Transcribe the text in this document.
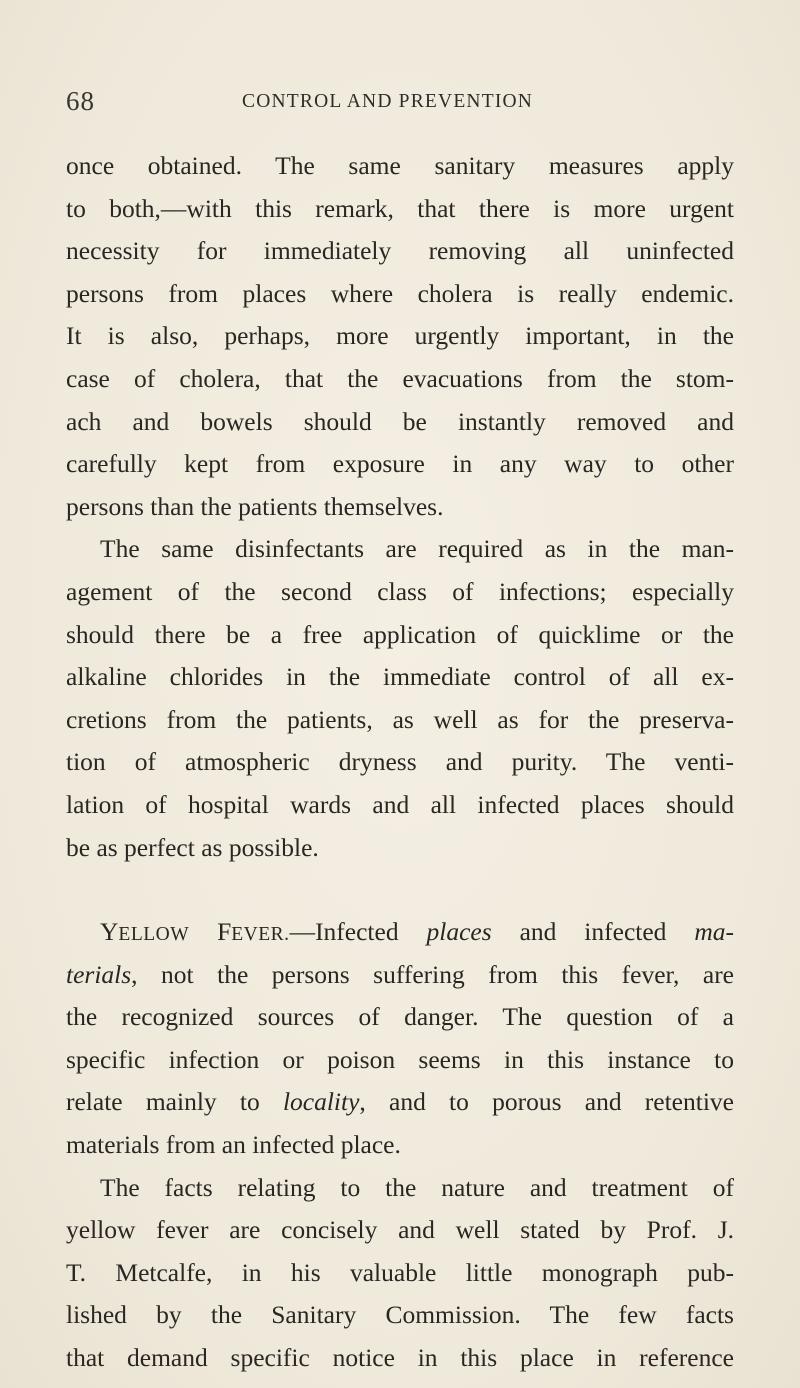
68	CONTROL AND PREVENTION
once obtained. The same sanitary measures apply
to both,—with this remark, that there is more urgent
necessity for immediately removing all uninfected
persons from places where cholera is really endemic.
It is also, perhaps, more urgently important, in the
case of cholera, that the evacuations from the stom-
ach and bowels should be instantly removed and
carefully kept from exposure in any way to other
persons than the patients themselves.
The same disinfectants are required as in the man-
agement of the second class of infections; especially
should there be a free application of quicklime or the
alkaline chlorides in the immediate control of all ex-
cretions from the patients, as well as for the preserva-
tion of atmospheric dryness and purity. The venti-
lation of hospital wards and all infected places should
be as perfect as possible.
YELLOW FEVER.—Infected places and infected ma-
terials, not the persons suffering from this fever, are
the recognized sources of danger. The question of a
specific infection or poison seems in this instance to
relate mainly to locality, and to porous and retentive
materials from an infected place.
The facts relating to the nature and treatment of
yellow fever are concisely and well stated by Prof. J.
T. Metcalfe, in his valuable little monograph pub-
lished by the Sanitary Commission. The few facts
that demand specific notice in this place in reference
